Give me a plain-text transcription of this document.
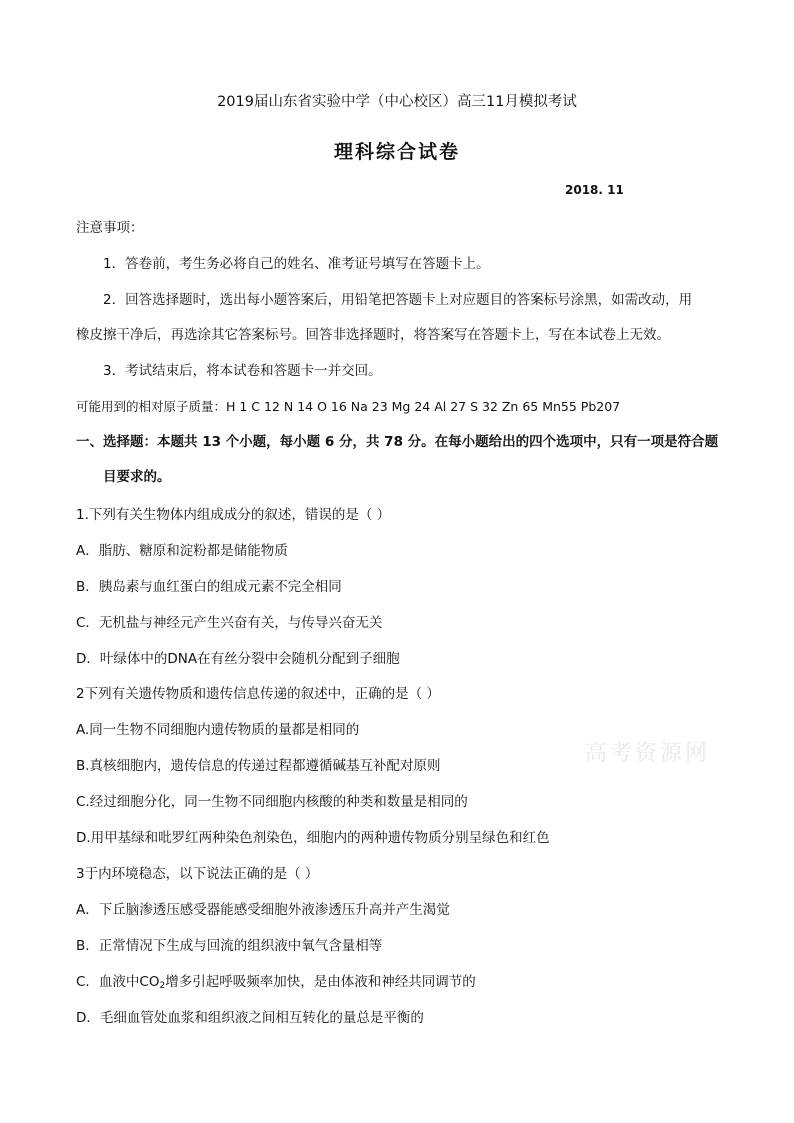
2019届山东省实验中学（中心校区）高三11月模拟考试
理科综合试卷
2018. 11
注意事项：
1．答卷前，考生务必将自己的姓名、准考证号填写在答题卡上。
2．回答选择题时，选出每小题答案后，用铅笔把答题卡上对应题目的答案标号涂黑，如需改动，用
橡皮擦干净后，再选涂其它答案标号。回答非选择题时，将答案写在答题卡上，写在本试卷上无效。
3．考试结束后，将本试卷和答题卡一并交回。
可能用到的相对原子质量：H 1 C 12 N 14 O 16 Na 23 Mg 24 Al 27 S 32 Zn 65 Mn55 Pb207
一、选择题：本题共 13 个小题，每小题 6 分，共 78 分。在每小题给出的四个选项中，只有一项是符合题
目要求的。
1.下列有关生物体内组成成分的叙述，错误的是（ ）
A．脂肪、糖原和淀粉都是储能物质
B．胰岛素与血红蛋白的组成元素不完全相同
C．无机盐与神经元产生兴奋有关，与传导兴奋无关
D．叶绿体中的DNA在有丝分裂中会随机分配到子细胞
2下列有关遗传物质和遗传信息传递的叙述中，正确的是（ ）
A.同一生物不同细胞内遗传物质的量都是相同的
B.真核细胞内，遗传信息的传递过程都遵循碱基互补配对原则
C.经过细胞分化，同一生物不同细胞内核酸的种类和数量是相同的
D.用甲基绿和吡罗红两种染色剂染色，细胞内的两种遗传物质分别呈绿色和红色
3于内环境稳态，以下说法正确的是（ ）
A．下丘脑渗透压感受器能感受细胞外液渗透压升高并产生渴觉
B．正常情况下生成与回流的组织液中氧气含量相等
C．血液中$CO_2$增多引起呼吸频率加快，是由体液和神经共同调节的
D．毛细血管处血浆和组织液之间相互转化的量总是平衡的
高考资源网
